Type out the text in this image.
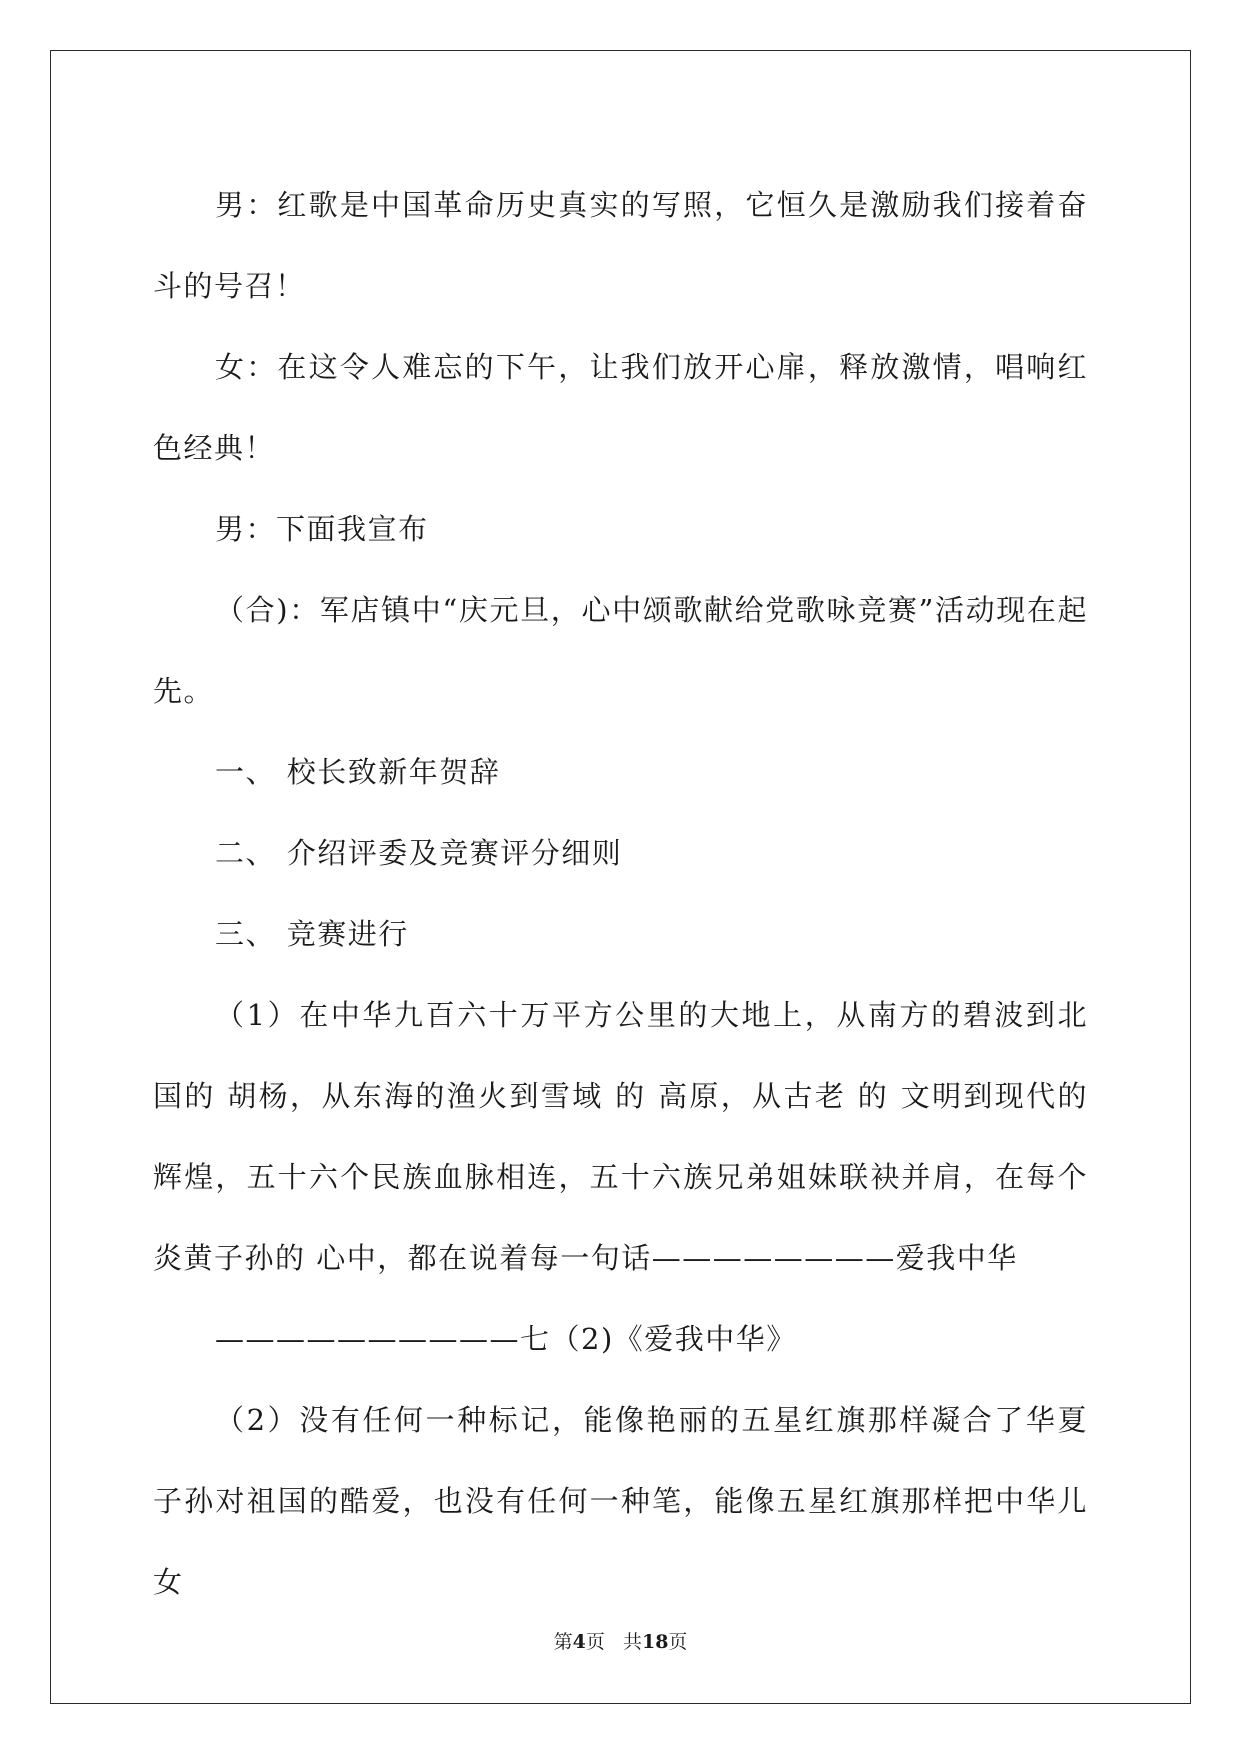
男：红歌是中国革命历史真实的写照，它恒久是激励我们接着奋斗的号召！

女：在这令人难忘的下午，让我们放开心扉，释放激情，唱响红色经典！

男：下面我宣布

（合)：军店镇中“庆元旦，心中颂歌献给党歌咏竞赛”活动现在起先。

一、 校长致新年贺辞

二、 介绍评委及竞赛评分细则

三、 竞赛进行

（1）在中华九百六十万平方公里的大地上，从南方的碧波到北国的 胡杨，从东海的渔火到雪域 的 高原，从古老 的 文明到现代的辉煌，五十六个民族血脉相连，五十六族兄弟姐妹联袂并肩，在每个炎黄子孙的 心中，都在说着每一句话————————爱我中华

——————————七（2)《爱我中华》

（2）没有任何一种标记，能像艳丽的五星红旗那样凝合了华夏子孙对祖国的酷爱，也没有任何一种笔，能像五星红旗那样把中华儿女

第4页 共18页
